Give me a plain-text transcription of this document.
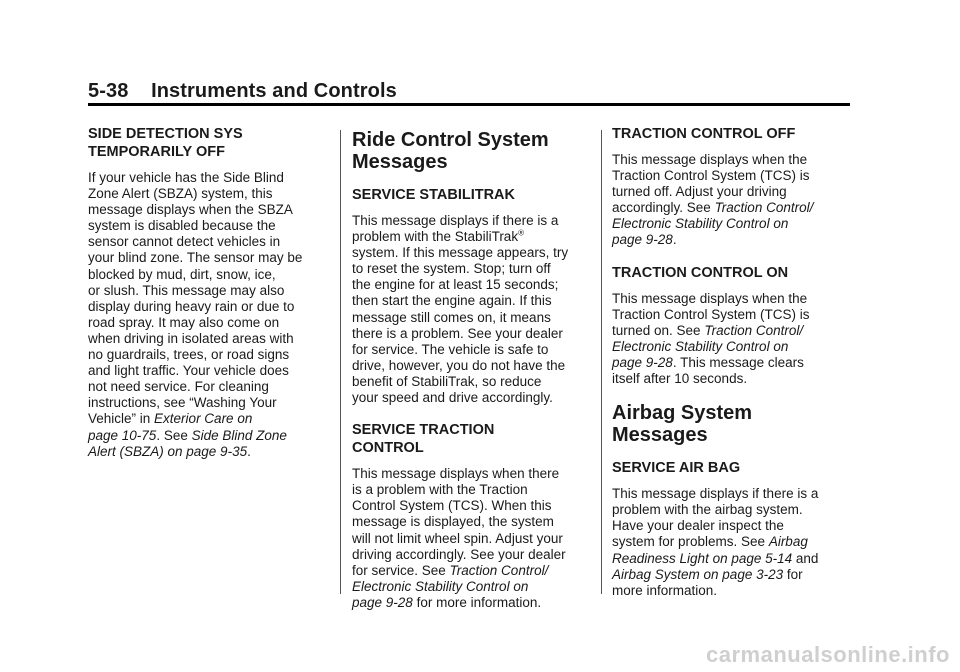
5-38 Instruments and Controls
SIDE DETECTION SYS
TEMPORARILY OFF
If your vehicle has the Side Blind
Zone Alert (SBZA) system, this
message displays when the SBZA
system is disabled because the
sensor cannot detect vehicles in
your blind zone. The sensor may be
blocked by mud, dirt, snow, ice,
or slush. This message may also
display during heavy rain or due to
road spray. It may also come on
when driving in isolated areas with
no guardrails, trees, or road signs
and light traffic. Your vehicle does
not need service. For cleaning
instructions, see “Washing Your
Vehicle” in Exterior Care on
page 10-75. See Side Blind Zone
Alert (SBZA) on page 9-35.
Ride Control System
Messages
SERVICE STABILITRAK
This message displays if there is a
problem with the StabiliTrak®
system. If this message appears, try
to reset the system. Stop; turn off
the engine for at least 15 seconds;
then start the engine again. If this
message still comes on, it means
there is a problem. See your dealer
for service. The vehicle is safe to
drive, however, you do not have the
benefit of StabiliTrak, so reduce
your speed and drive accordingly.
SERVICE TRACTION
CONTROL
This message displays when there
is a problem with the Traction
Control System (TCS). When this
message is displayed, the system
will not limit wheel spin. Adjust your
driving accordingly. See your dealer
for service. See Traction Control/
Electronic Stability Control on
page 9-28 for more information.
TRACTION CONTROL OFF
This message displays when the
Traction Control System (TCS) is
turned off. Adjust your driving
accordingly. See Traction Control/
Electronic Stability Control on
page 9-28.
TRACTION CONTROL ON
This message displays when the
Traction Control System (TCS) is
turned on. See Traction Control/
Electronic Stability Control on
page 9-28. This message clears
itself after 10 seconds.
Airbag System Messages
SERVICE AIR BAG
This message displays if there is a
problem with the airbag system.
Have your dealer inspect the
system for problems. See Airbag
Readiness Light on page 5-14 and
Airbag System on page 3-23 for
more information.
carmanualsonline.info
